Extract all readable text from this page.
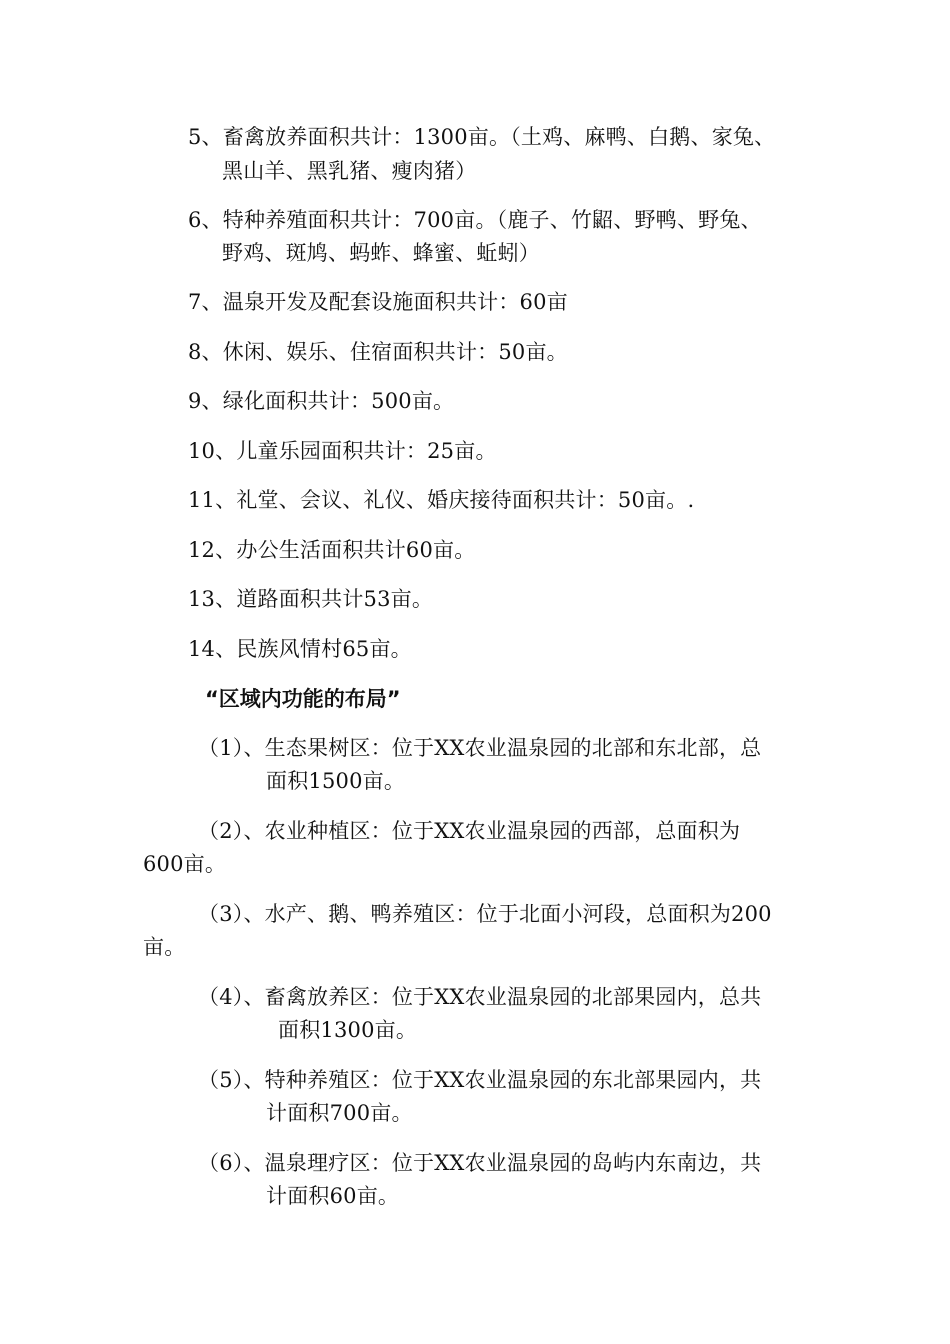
5、畜禽放养面积共计：1300亩。（土鸡、麻鸭、白鹅、家兔、
黑山羊、黑乳猪、瘦肉猪）
6、特种养殖面积共计：700亩。（鹿子、竹鼦、野鸭、野兔、
野鸡、斑鸠、蚂蚱、蜂蜜、蚯蚓）
7、温泉开发及配套设施面积共计：60亩
8、休闲、娱乐、住宿面积共计：50亩。
9、绿化面积共计：500亩。
10、儿童乐园面积共计：25亩。
11、礼堂、会议、礼仪、婚庆接待面积共计：50亩。.
12、办公生活面积共计60亩。
13、道路面积共计53亩。
14、民族风情村65亩。
“区域内功能的布局”
（1）、生态果树区：位于XX农业温泉园的北部和东北部，总
面积1500亩。
（2）、农业种植区：位于XX农业温泉园的西部，总面积为
600亩。
（3）、水产、鹅、鸭养殖区：位于北面小河段，总面积为200
亩。
（4）、畜禽放养区：位于XX农业温泉园的北部果园内，总共
面积1300亩。
（5）、特种养殖区：位于XX农业温泉园的东北部果园内，共
计面积700亩。
（6）、温泉理疗区：位于XX农业温泉园的岛屿内东南边，共
计面积60亩。
